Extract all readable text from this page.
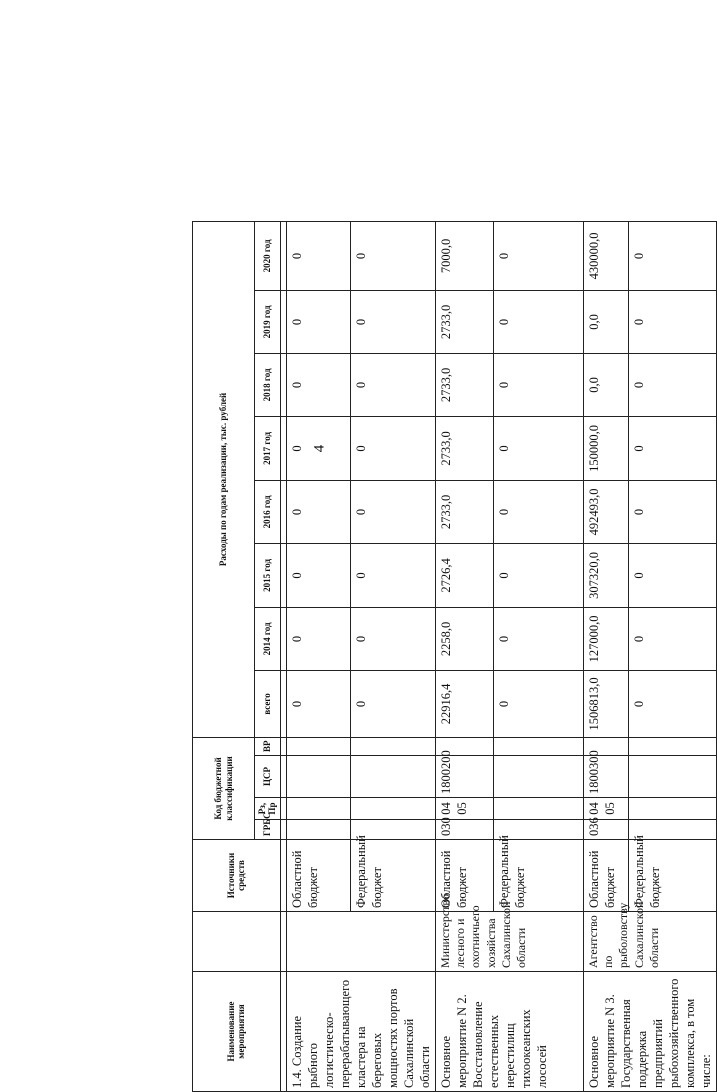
4
Наименование мероприятия		Источники средств	Код бюджетной классификации				Расходы по годам реализации, тыс. рублей							
			ГРБС	Рз, Пр	ЦСР	ВР	всего	2014 год	2015 год	2016 год	2017 год	2018 год	2019 год	2020 год

1.4. Создание рыбного логистическо-перерабатывающего кластера на береговых мощностях портов Сахалинской области		Областной бюджет					0	0	0	0	0	0	0	0
		Федеральный бюджет					0	0	0	0	0	0	0	0
Основное мероприятие N 2. Восстановление естественных нерестилищ тихоокеанских лососей	Министерство лесного и охотничьего хозяйства Сахалинской области	Областной бюджет	030	04 05	1800200		22916,4	2258,0	2726,4	2733,0	2733,0	2733,0	2733,0	7000,0
		Федеральный бюджет					0	0	0	0	0	0	0	0
Основное мероприятие N 3. Государственная поддержка предприятий рыбохозяйственного комплекса, в том числе:	Агентство по рыболовству Сахалинской области	Областной бюджет	036	04 05	1800300		1506813,0	127000,0	307320,0	492493,0	150000,0	0,0	0,0	430000,0
		Федеральный бюджет					0	0	0	0	0	0	0	0
